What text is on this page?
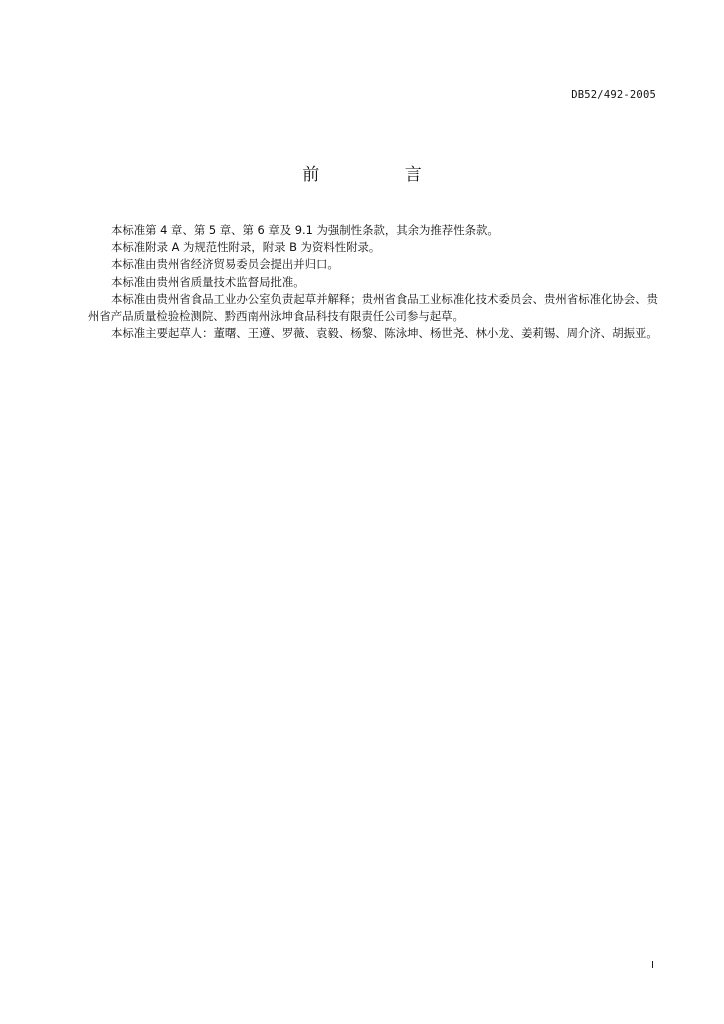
DB52/492-2005
前 言

本标准第 4 章、第 5 章、第 6 章及 9.1 为强制性条款，其余为推荐性条款。

本标准附录 A 为规范性附录，附录 B 为资料性附录。

本标准由贵州省经济贸易委员会提出并归口。

本标准由贵州省质量技术监督局批准。

本标准由贵州省食品工业办公室负责起草并解释；贵州省食品工业标准化技术委员会、贵州省标准化协会、贵州省产品质量检验检测院、黔西南州泳坤食品科技有限责任公司参与起草。

本标准主要起草人：董曙、王遵、罗薇、袁毅、杨黎、陈泳坤、杨世尧、林小龙、姜莉锡、周介济、胡振亚。

I
